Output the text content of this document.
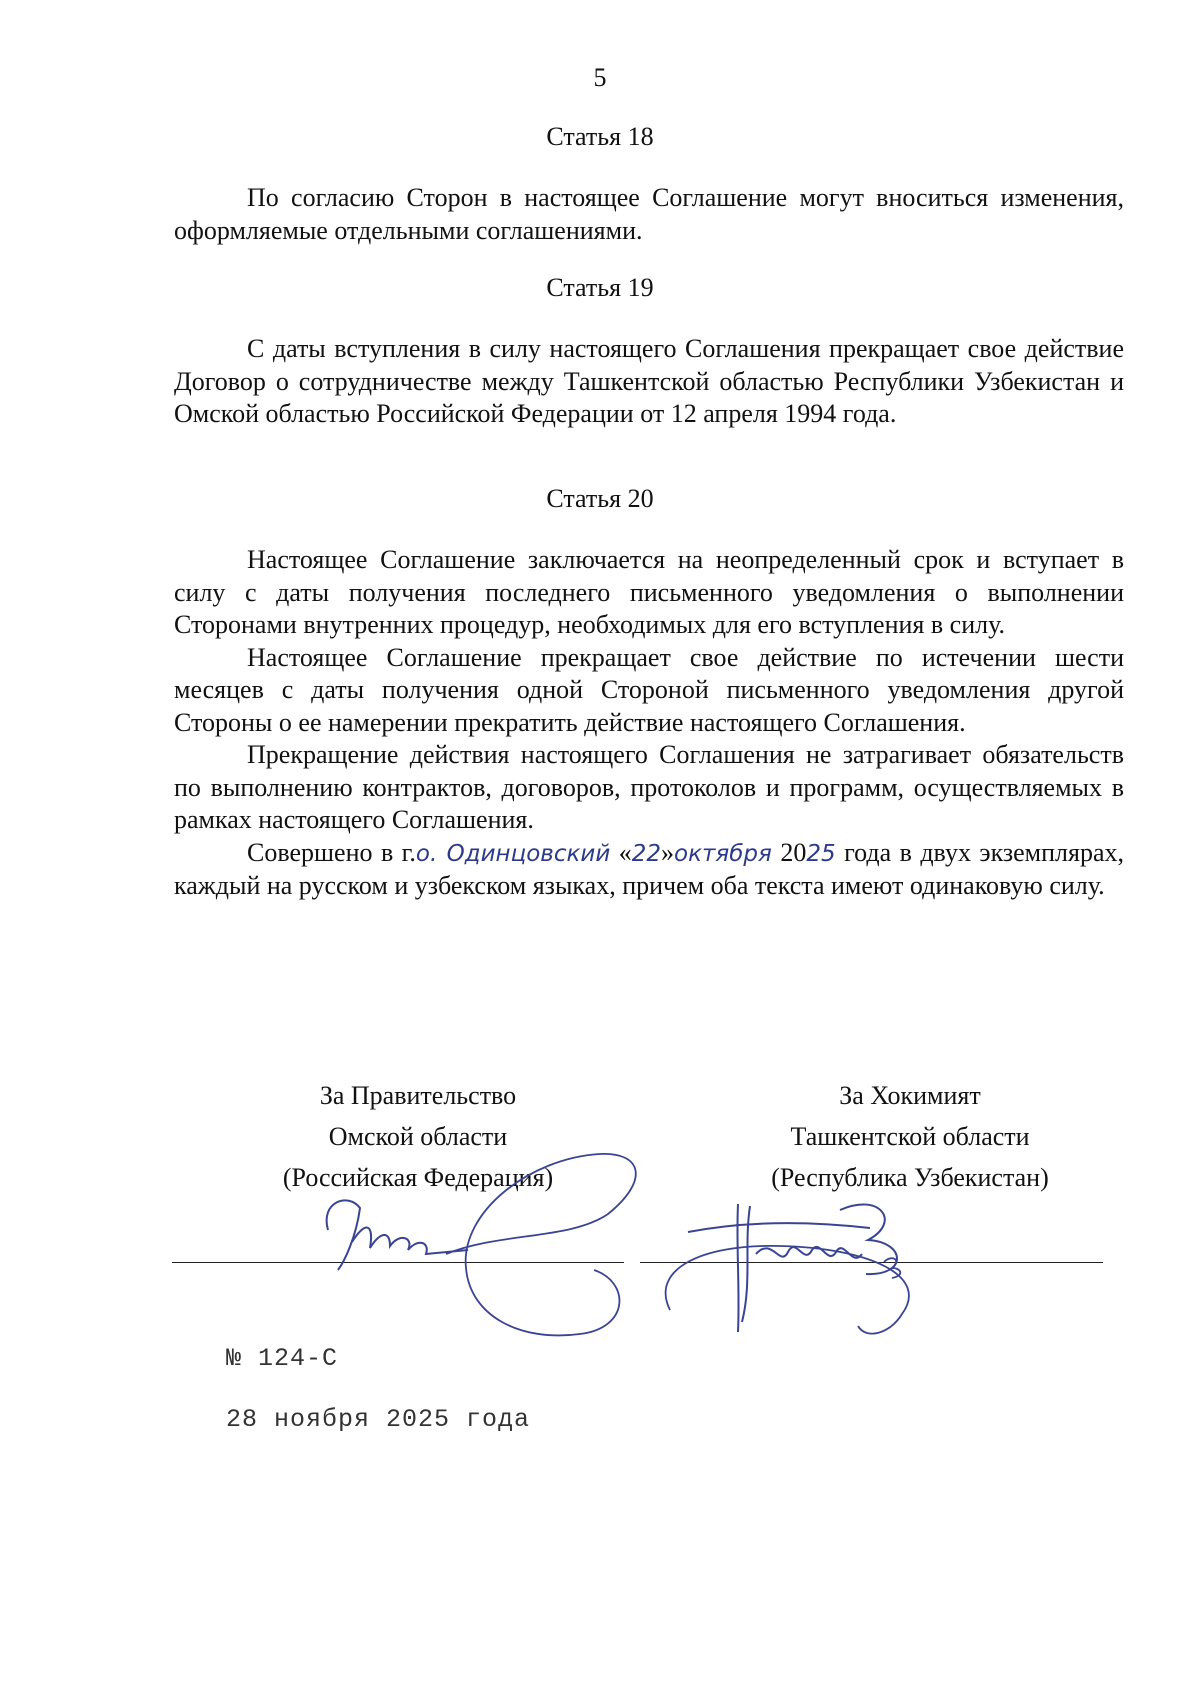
5
Статья 18

По согласию Сторон в настоящее Соглашение могут вноситься изменения, оформляемые отдельными соглашениями.

Статья 19

С даты вступления в силу настоящего Соглашения прекращает свое действие Договор о сотрудничестве между Ташкентской областью Республики Узбекистан и Омской областью Российской Федерации от 12 апреля 1994 года.

Статья 20

Настоящее Соглашение заключается на неопределенный срок и вступает в силу с даты получения последнего письменного уведомления о выполнении Сторонами внутренних процедур, необходимых для его вступления в силу.

Настоящее Соглашение прекращает свое действие по истечении шести месяцев с даты получения одной Стороной письменного уведомления другой Стороны о ее намерении прекратить действие настоящего Соглашения.

Прекращение действия настоящего Соглашения не затрагивает обязательств по выполнению контрактов, договоров, протоколов и программ, осуществляемых в рамках настоящего Соглашения.

Совершено в г.о. Одинцовский «22»октября 2025 года в двух экземплярах, каждый на русском и узбекском языках, причем оба текста имеют одинаковую силу.

За Правительство
Омской области
(Российская Федерация)
За Хокимият
Ташкентской области
(Республика Узбекистан)
№ 124-С
28 ноября 2025 года
